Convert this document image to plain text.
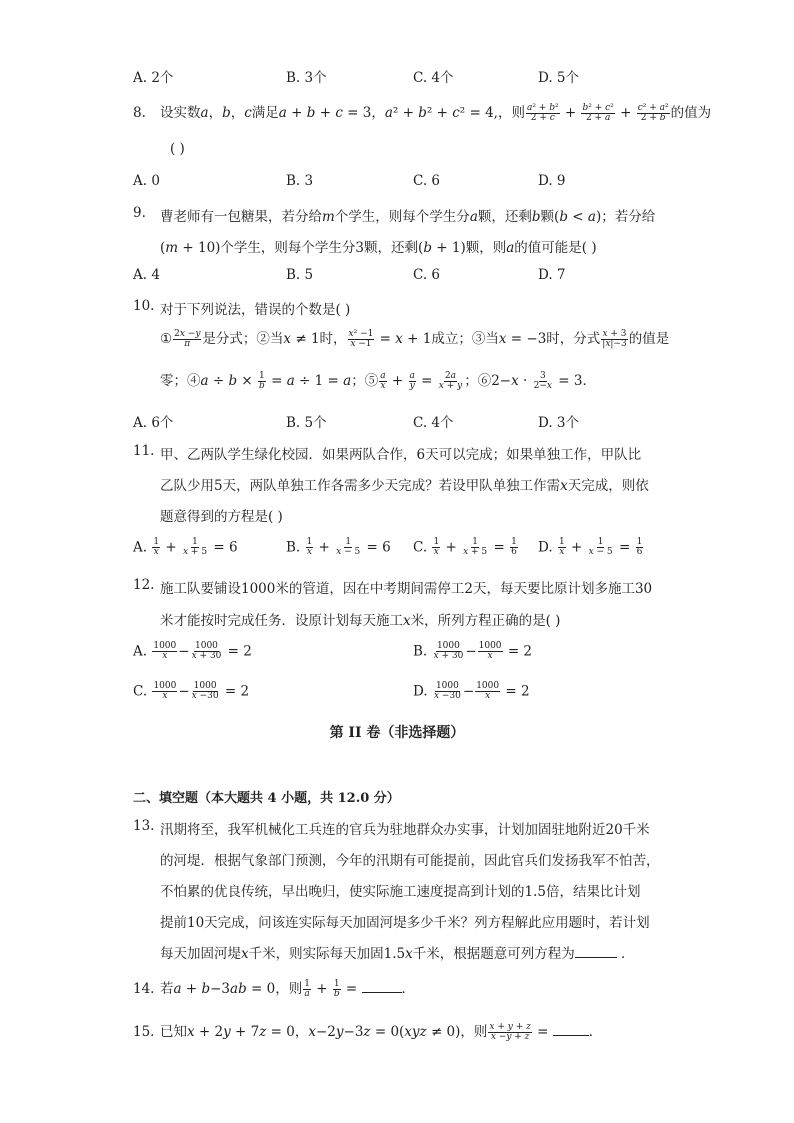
A. 2个	B. 3个	C. 4个	D. 5个
8. 设实数a，b，c满足a + b + c = 3，a² + b² + c² = 4,，则 $\frac{\text{a² + b²}}{2 + c} + \frac{\text{b² + c²}}{2 + a} + \frac{\text{c² + a²}}{2 + b}$ 的值为
( )
A. 0	B. 3	C. 6	D. 9
9. 曹老师有一包糖果，若分给m个学生，则每个学生分a颗，还剩b颗(b < a)；若分给
(m + 10)个学生，则每个学生分3颗，还剩(b + 1)颗，则a的值可能是( )
A. 4	B. 5	C. 6	D. 7
10. 对于下列说法，错误的个数是( )
① $\frac{2x -y}{\pi}$ 是分式；②当x ≠ 1时， $\frac{\text{x² −1}}{x -1} = x + 1$成立；③当x = −3时，分式 $\frac{x + 3}{|x|-3}$ 的值是
零；④a ÷ $b \times \frac{1}{b} = a \div 1 = a$；⑤ $\frac{a}{x} + \frac{a}{y} = \frac{2a}{x + y}$ ；⑥2−x · $\frac{3}{2-x} = 3$．
A. 6个	B. 5个	C. 4个	D. 3个
11. 甲、乙两队学生绿化校园．如果两队合作，6天可以完成；如果单独工作，甲队比
乙队少用5天，两队单独工作各需多少天完成？若设甲队单独工作需x天完成，则依
题意得到的方程是( )
A. $\frac{1}{x} + \frac{1}{x + 5} = 6$	B. $\frac{1}{x} + \frac{1}{x - 5} = 6$ C. $\frac{1}{x} + \frac{1}{x + 5} = \frac{1}{6} D$. $\frac{1}{x} + \frac{1}{x - 5} = \frac{1}{6}$
12. 施工队要铺设1000米的管道，因在中考期间需停工2天，每天要比原计划多施工30
米才能按时完成任务．设原计划每天施工x米，所列方程正确的是( )
A. $\frac{1000}{x} - \frac{1000}{x + 30} = 2$	B. $\frac{1000}{x + 30} - \frac{1000}{x} = 2$
C. $\frac{1000}{x} - \frac{1000}{x -30} = 2$	D. $\frac{1000}{x -30} - \frac{1000}{x} = 2$
第 II 卷（非选择题）
二、填空题（本大题共 4 小题，共 12.0 分）
13. 汛期将至，我军机械化工兵连的官兵为驻地群众办实事，计划加固驻地附近20千米
的河堤．根据气象部门预测，今年的汛期有可能提前，因此官兵们发扬我军不怕苦，
不怕累的优良传统，早出晚归，使实际施工速度提高到计划的1.5倍，结果比计划
提前10天完成，问该连实际每天加固河堤多少千米？列方程解此应用题时，若计划
每天加固河堤x千米，则实际每天加固1.5x千米，根据题意可列方程为	．
14. 若a + b−3ab = 0，则 $\frac{1}{a} + \frac{1}{b}$ =	．
15. 已知x + 2y + 7z = 0，x−2y−3z = 0(xyz ≠ 0)，则 $\frac{x + y + z}{x -y + z}$ =	．
